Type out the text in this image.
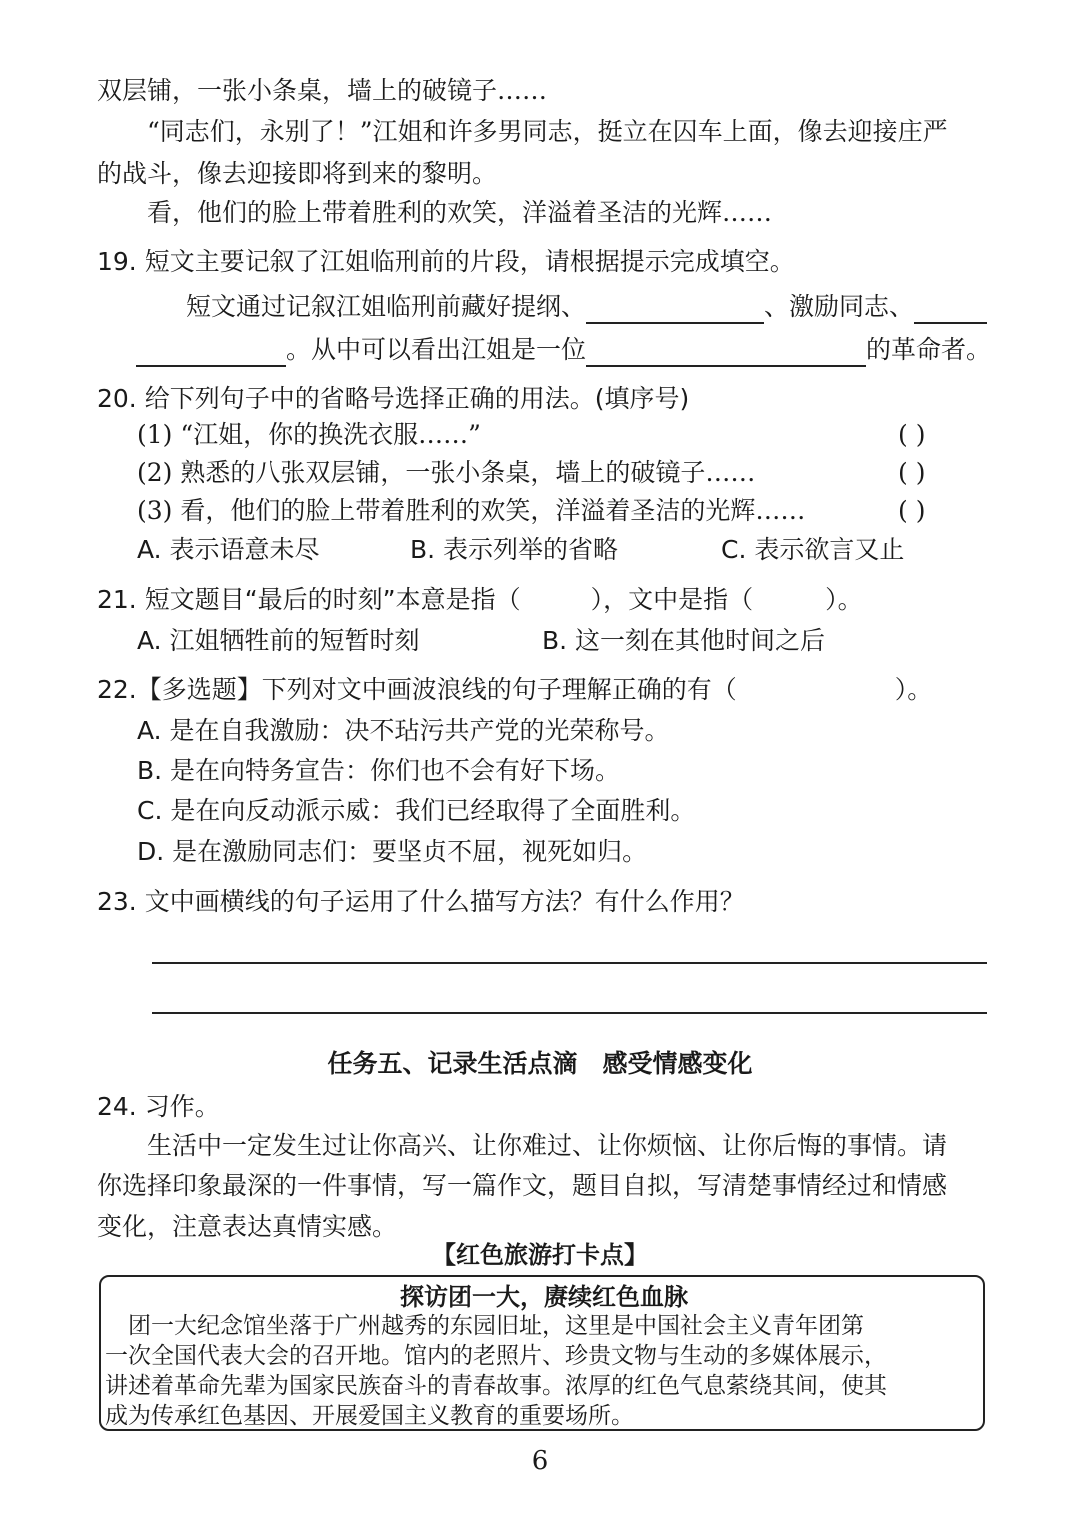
双层铺，一张小条桌，墙上的破镜子……
“同志们，永别了！”江姐和许多男同志，挺立在囚车上面，像去迎接庄严
的战斗，像去迎接即将到来的黎明。
看，他们的脸上带着胜利的欢笑，洋溢着圣洁的光辉……
19. 短文主要记叙了江姐临刑前的片段，请根据提示完成填空。
短文通过记叙江姐临刑前藏好提纲、	、激励同志、
。从中可以看出江姐是一位	的革命者。
20. 给下列句子中的省略号选择正确的用法。(填序号)
(1) “江姐，你的换洗衣服……”	( )
(2) 熟悉的八张双层铺，一张小条桌，墙上的破镜子……	( )
(3) 看，他们的脸上带着胜利的欢笑，洋溢着圣洁的光辉……	( )
A. 表示语意未尽	B. 表示列举的省略	C. 表示欲言又止
21. 短文题目“最后的时刻”本意是指（	），文中是指（	）。
A. 江姐牺牲前的短暂时刻	B. 这一刻在其他时间之后
22.【多选题】下列对文中画波浪线的句子理解正确的有（	）。
A. 是在自我激励：决不玷污共产党的光荣称号。
B. 是在向特务宣告：你们也不会有好下场。
C. 是在向反动派示威：我们已经取得了全面胜利。
D. 是在激励同志们：要坚贞不屈，视死如归。
23. 文中画横线的句子运用了什么描写方法？有什么作用？
任务五、记录生活点滴　感受情感变化
24. 习作。
生活中一定发生过让你高兴、让你难过、让你烦恼、让你后悔的事情。请
你选择印象最深的一件事情，写一篇作文，题目自拟，写清楚事情经过和情感
变化，注意表达真情实感。
【红色旅游打卡点】
探访团一大，赓续红色血脉
　团一大纪念馆坐落于广州越秀的东园旧址，这里是中国社会主义青年团第
一次全国代表大会的召开地。馆内的老照片、珍贵文物与生动的多媒体展示，
讲述着革命先辈为国家民族奋斗的青春故事。浓厚的红色气息萦绕其间，使其
成为传承红色基因、开展爱国主义教育的重要场所。
6
